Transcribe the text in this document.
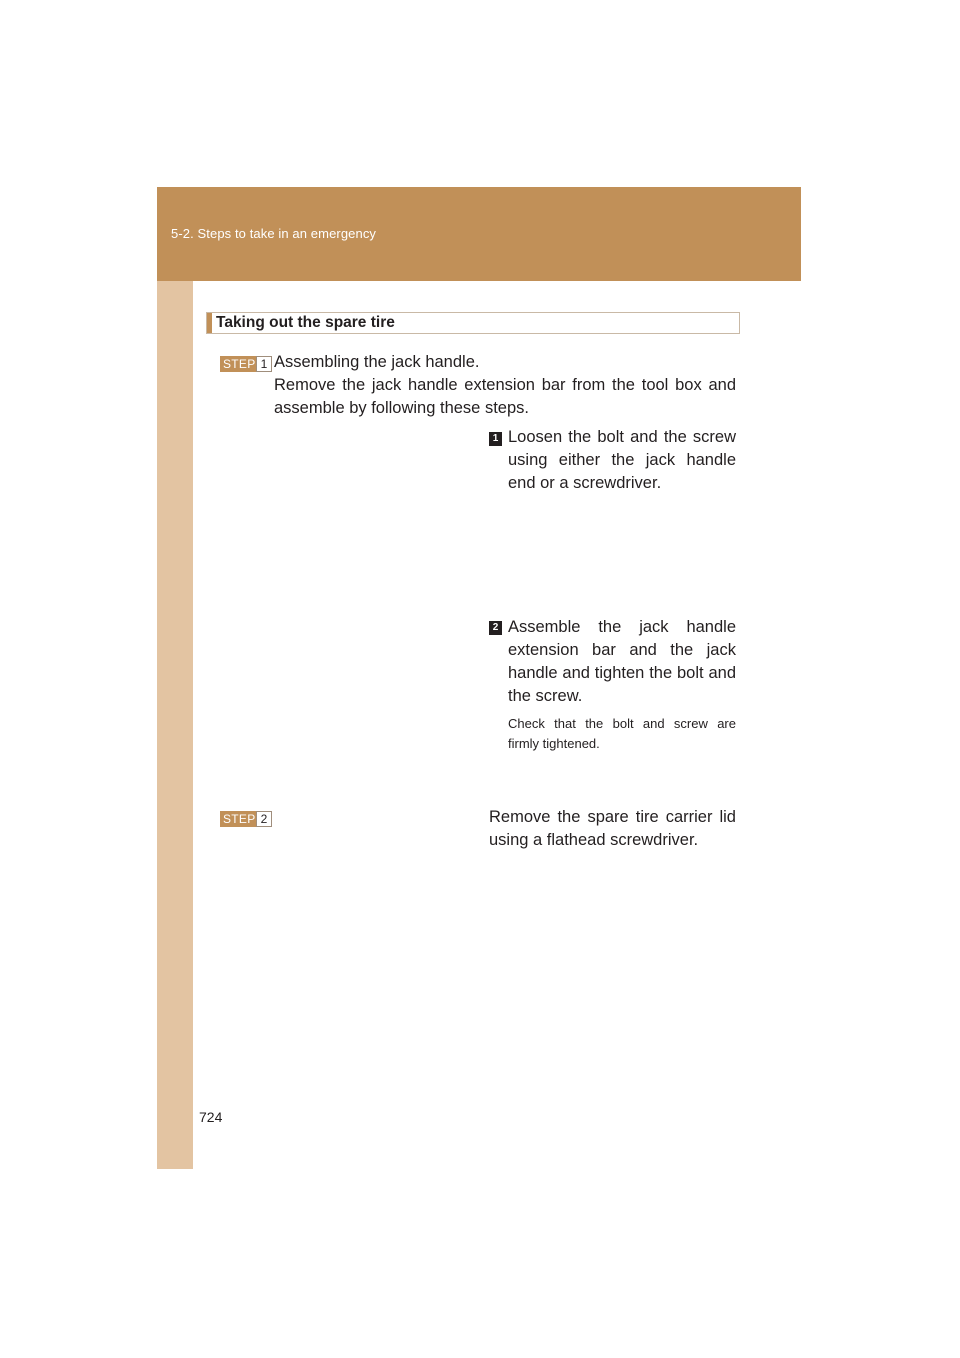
5-2. Steps to take in an emergency
Taking out the spare tire
STEP 1 Assembling the jack handle.
Remove the jack handle extension bar from the tool box and assemble by following these steps.
1 Loosen the bolt and the screw using either the jack handle end or a screwdriver.
2 Assemble the jack handle extension bar and the jack handle and tighten the bolt and the screw.
Check that the bolt and screw are firmly tightened.
STEP 2	Remove the spare tire carrier lid using a flathead screwdriver.
724
